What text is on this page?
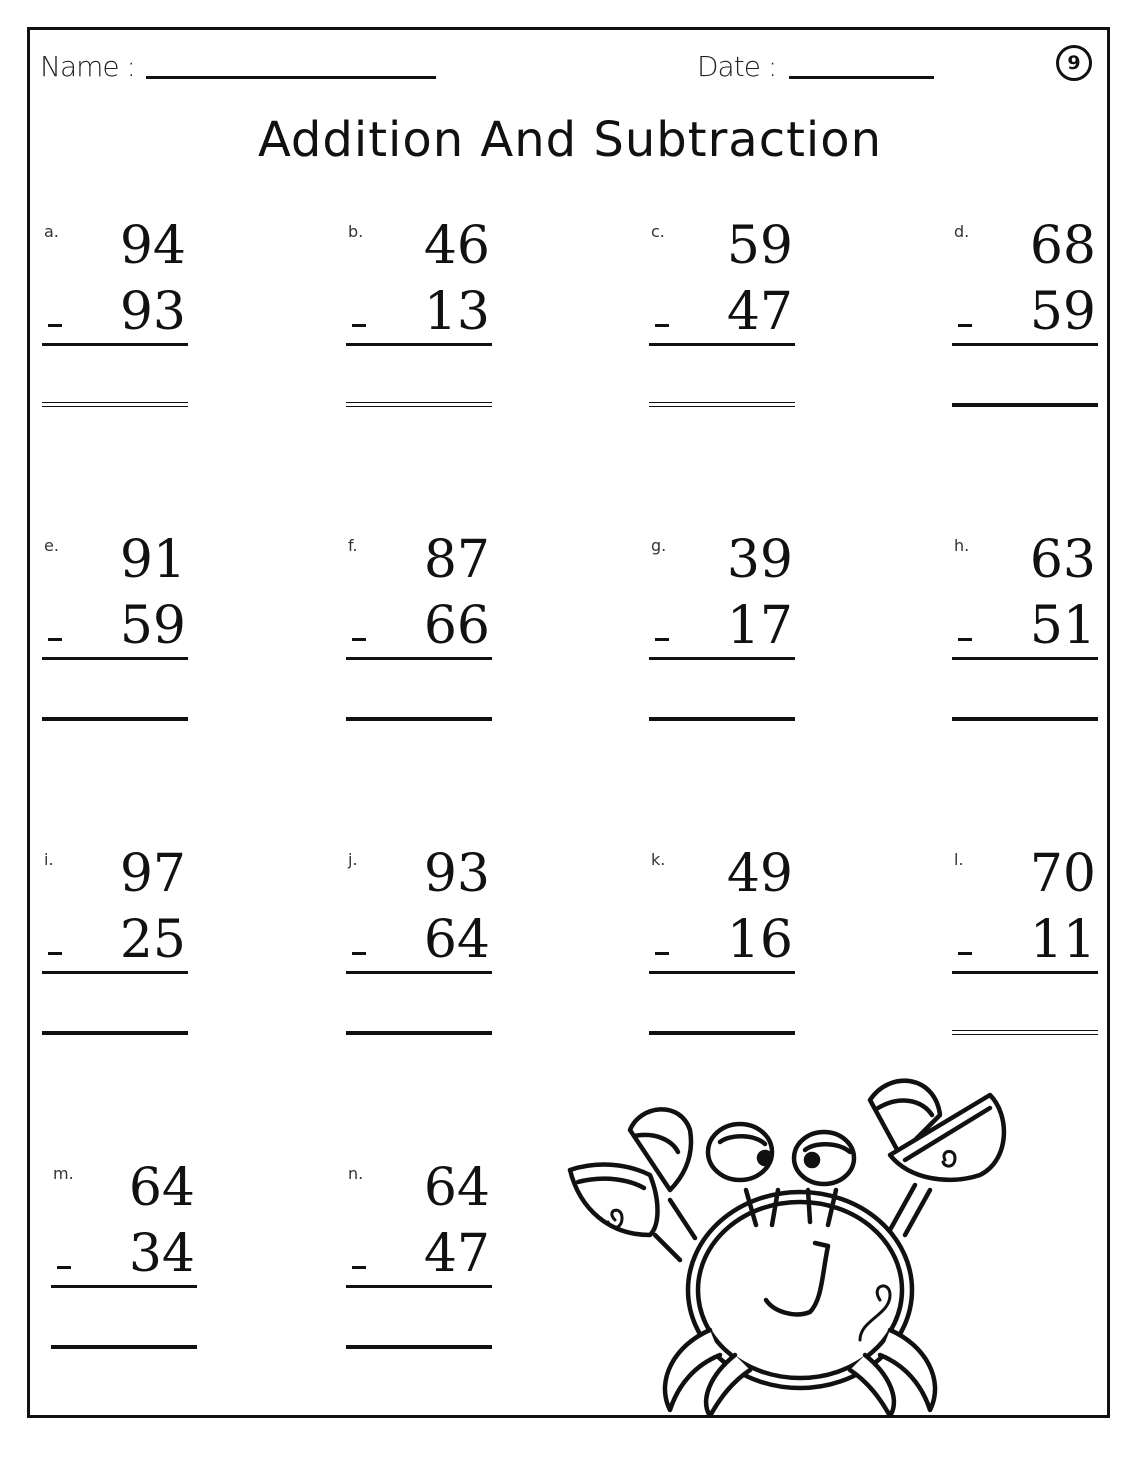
Name :	Date :	9
Addition And Subtraction
a. 94
93
b. 46
13
c. 59
47
d. 68
59
e. 91
59
f. 87
66
g. 39
17
h. 63
51
i. 97
25
j. 93
64
k. 49
16
l. 70
11
m. 64
34
n. 64
47
